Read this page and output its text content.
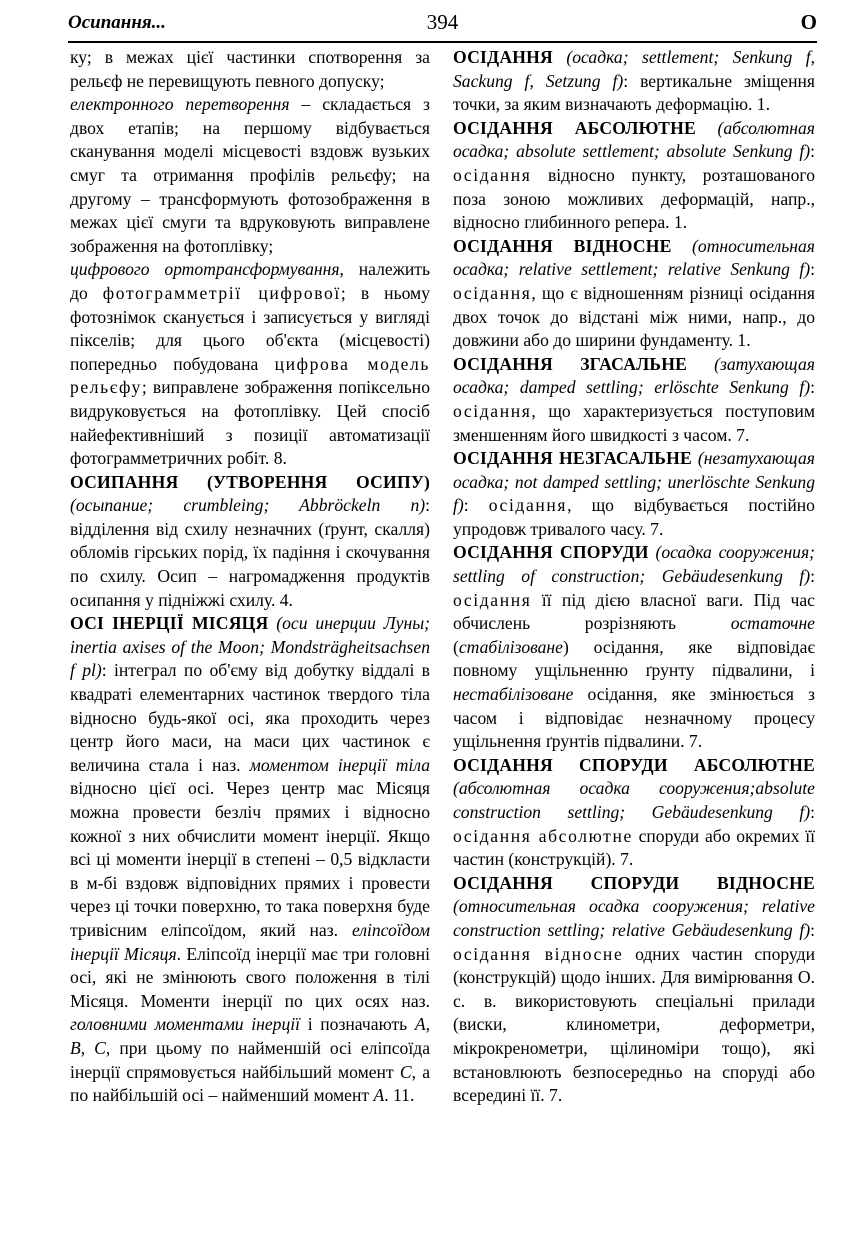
Осипання...	394	О

ку; в межах цієї частинки спотворення за рельєф не перевищують певного допуску;

електронного перетворення – складається з двох етапів; на першому відбувається сканування моделі місцевості вздовж вузьких смуг та отримання профілів рельєфу; на другому – трансформують фотозображення в межах цієї смуги та вдруковують виправлене зображення на фотоплівку;

цифрового ортотрансформування, належить до фотограмметрії цифрової; в ньому фотознімок сканується і записується у вигляді пікселів; для цього об'єкта (місцевості) попередньо побудована цифрова модель рельєфу; виправлене зображення попіксельно видруковується на фотоплівку. Цей спосіб найефективніший з позиції автоматизації фотограмметричних робіт. 8.

ОСИПАННЯ (УТВОРЕННЯ ОСИПУ) (осыпание; crumbleing; Abbröckeln n): відділення від схилу незначних (ґрунт, скалля) обломів гірських порід, їх падіння і скочування по схилу. Осип – нагромадження продуктів осипання у підніжжі схилу. 4.

ОСІ ІНЕРЦІЇ МІСЯЦЯ (оси инерции Луны; inertia axises of the Moon; Mondsträgheitsachsen f pl): інтеграл по об'єму від добутку віддалі в квадраті елементарних частинок твердого тіла відносно будь-якої осі, яка проходить через центр його маси, на маси цих частинок є величина стала і наз. моментом інерції тіла відносно цієї осі. Через центр мас Місяця можна провести безліч прямих і відносно кожної з них обчислити момент інерції. Якщо всі ці моменти інерції в степені – 0,5 відкласти в м-бі вздовж відповідних прямих і провести через ці точки поверхню, то така поверхня буде тривісним еліпсоїдом, який наз. еліпсоїдом інерції Місяця. Еліпсоїд інерції має три головні осі, які не змінюють свого положення в тілі Місяця. Моменти інерції по цих осях наз. головними моментами інерції і позначають A, B, C, при цьому по найменшій осі еліпсоїда інерції спрямовується найбільший момент C, а по найбільшій осі – найменший момент A. 11.

ОСІДАННЯ (осадка; settlement; Senkung f, Sackung f, Setzung f): вертикальне зміщення точки, за яким визначають деформацію. 1.

ОСІДАННЯ АБСОЛЮТНЕ (абсолютная осадка; absolute settlement; absolute Senkung f): осідання відносно пункту, розташованого поза зоною можливих деформацій, напр., відносно глибинного репера. 1.

ОСІДАННЯ ВІДНОСНЕ (относительная осадка; relative settlement; relative Senkung f): осідання, що є відношенням різниці осідання двох точок до відстані між ними, напр., до довжини або до ширини фундаменту. 1.

ОСІДАННЯ ЗГАСАЛЬНЕ (затухающая осадка; damped settling; erlöschte Senkung f): осідання, що характеризується поступовим зменшенням його швидкості з часом. 7.

ОСІДАННЯ НЕЗГАСАЛЬНЕ (незатухающая осадка; not damped settling; unerlöschte Senkung f): осідання, що відбувається постійно упродовж тривалого часу. 7.

ОСІДАННЯ СПОРУДИ (осадка сооружения; settling of construction; Gebäudesenkung f): осідання її під дією власної ваги. Під час обчислень розрізняють остаточне (стабілізоване) осідання, яке відповідає повному ущільненню ґрунту підвалини, і нестабілізоване осідання, яке змінюється з часом і відповідає незначному процесу ущільнення ґрунтів підвалини. 7.

ОСІДАННЯ СПОРУДИ АБСОЛЮТНЕ (абсолютная осадка сооружения;absolute construction settling; Gebäudesenkung f): осідання абсолютне споруди або окремих її частин (конструкцій). 7.

ОСІДАННЯ СПОРУДИ ВІДНОСНЕ (относительная осадка сооружения; relative construction settling; relative Gebäudesenkung f): осідання відносне одних частин споруди (конструкцій) щодо інших. Для вимірювання О. с. в. використовують спеціальні прилади (виски, клинометри, деформетри, мікрокренометри, щілиноміри тощо), які встановлюють безпосередньо на споруді або всередині її. 7.
